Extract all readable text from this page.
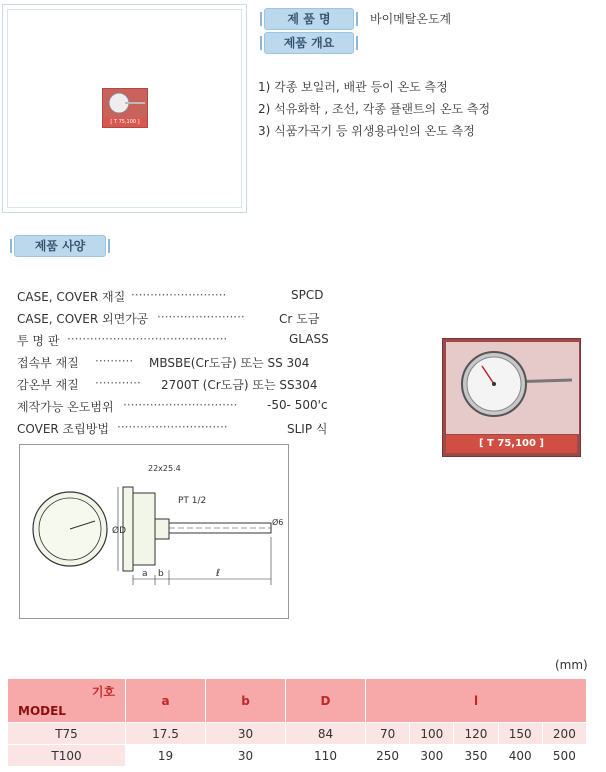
[ T 75,100 ]
제 품 명	바이메탈온도계
제품 개요
1) 각종 보일러, 배관 등이 온도 측정
2) 석유화학 , 조선, 각종 플랜트의 온도 측정
3) 식품가곡기 등 위생용라인의 온도 측정
제품 사양
CASE, COVER 재질 ·························	SPCD
CASE, COVER 외면가공 ·······················	Cr 도금
투 명 판 ··········································	GLASS
접속부 재질 ·········· MBSBE(Cr도금) 또는 SS 304
감온부 재질 ············ 2700T (Cr도금) 또는 SS304
제작가능 온도범위 ······························ -50- 500'c
COVER 조립방법 ·····························	SLIP 식
[ T 75,100 ]
a b	ℓ
ØD
PT 1/2
22x25.4
Ø6
(mm)
기호
MODEL	a	b	D	l				
T75	17.5	30	84	70	100	120	150	200
T100	19	30	110	250	300	350	400	500
